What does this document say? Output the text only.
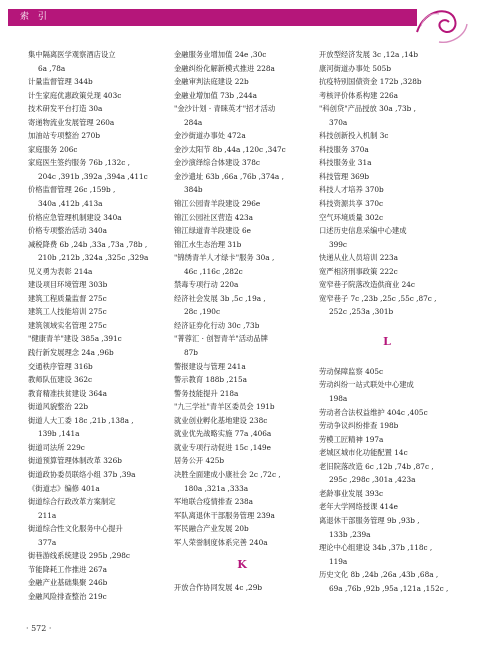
索 引
集中隔离医学观察酒店设立
6a ,78a
计量监督管理 344b
计生家庭优惠政策兑现 403c
技术研发平台打造 30a
寄递物流业发展管理 260a
加油站专项整治 270b
家庭服务 206c
家庭医生签约服务 76b ,132c ,
204c ,391b ,392a ,394a ,411c
价格监督管理 26c ,159b ,
340a ,412b ,413a
价格应急管理机制建设 340a
价格专项整治活动 340a
减税降费 6b ,24b ,33a ,73a ,78b ,
210b ,212b ,324a ,325c ,329a
见义勇为表彰 214a
建设项目环境管理 303b
建筑工程质量监督 275c
建筑工人技能培训 275c
建筑领域实名管理 275c
"健康青羊"建设 385a ,391c
践行新发展理念 24a ,96b
交通秩序管理 316b
教师队伍建设 362c
教育精准扶贫建设 364a
街道风貌整治 22b
街道人大工委 18c ,21b ,138a ,
139b ,141a
街道司法所 229c
街道预算管理体制改革 326b
街道政协委员联络小组 37b ,39a
《街道志》编修 401a
街道综合行政改革方案制定
211a
街道综合性文化服务中心提升
377a
街巷游线系统建设 295b ,298c
节能降耗工作推进 267a
金融产业基础集聚 246b
金融风险排查整治 219c
金融服务业增加值 24e ,30c
金融纠纷化解新模式推进 228a
金融审判法庭建设 22b
金融业增加值 73b ,244a
"金沙计划 · 青睐英才"招才活动
284a
金沙街道办事处 472a
金沙太阳节 8b ,44a ,120c ,347c
金沙演绎综合体建设 378c
金沙遗址 63b ,66a ,76b ,374a ,
384b
锦江公园青羊段建设 296e
锦江公园社区营造 423a
锦江绿道青羊段建设 6e
锦江水生态治理 31b
"锦绣青羊人才绿卡"服务 30a ,
46c ,116c ,282c
禁毒专项行动 220a
经济社会发展 3b ,5c ,19a ,
28c ,190c
经济证券化行动 30c ,73b
"菁蓉汇 · 创智青羊"活动品牌
87b
警报建设与管理 241a
警示教育 188b ,215a
警务技能提升 218a
"九三学社"青羊区委员会 191b
就业创业孵化基地建设 238c
就业优先战略实施 77a ,406a
就业专项行动促进 15c ,149e
居务公开 425b
决胜全面建成小康社会 2c ,72c ,
180a ,321a ,333a
军地联合疫情排查 238a
军队离退休干部服务管理 239a
军民融合产业发展 20b
军人荣誉制度体系完善 240a
K
开放合作协同发展 4c ,29b
开放型经济发展 3c ,12a ,14b
康河街道办事处 505b
抗疫特别国债资金 172b ,328b
考核评价体系构建 226a
"科创贷"产品授放 30a ,73b ,
370a
科技创新投入机制 3c
科技服务 370a
科技服务业 31a
科技管理 369b
科技人才培养 370b
科技资源共享 370c
空气环境质量 302c
口述历史信息采编中心建成
399c
快递从业人员培训 223a
宽严相济刑事政策 222c
宽窄巷子院落改造供商业 24c
宽窄巷子 7c ,23b ,25c ,55c ,87c ,
252c ,253a ,301b
L
劳动保障监察 405c
劳动纠纷一站式联处中心建成
198a
劳动者合法权益维护 404c ,405c
劳动争议纠纷排查 198b
劳模工匠精神 197a
老城区城市化功能配置 14c
老旧院落改造 6c ,12b ,74b ,87c ,
295c ,298c ,301a ,423a
老龄事业发展 393c
老年大学网络授课 414e
离退休干部服务管理 9b ,93b ,
133b ,239a
理论中心组建设 34b ,37b ,118c ,
119a
历史文化 8b ,24b ,26a ,43b ,68a ,
69a ,76b ,92b ,95a ,121a ,152c ,
· 572 ·
